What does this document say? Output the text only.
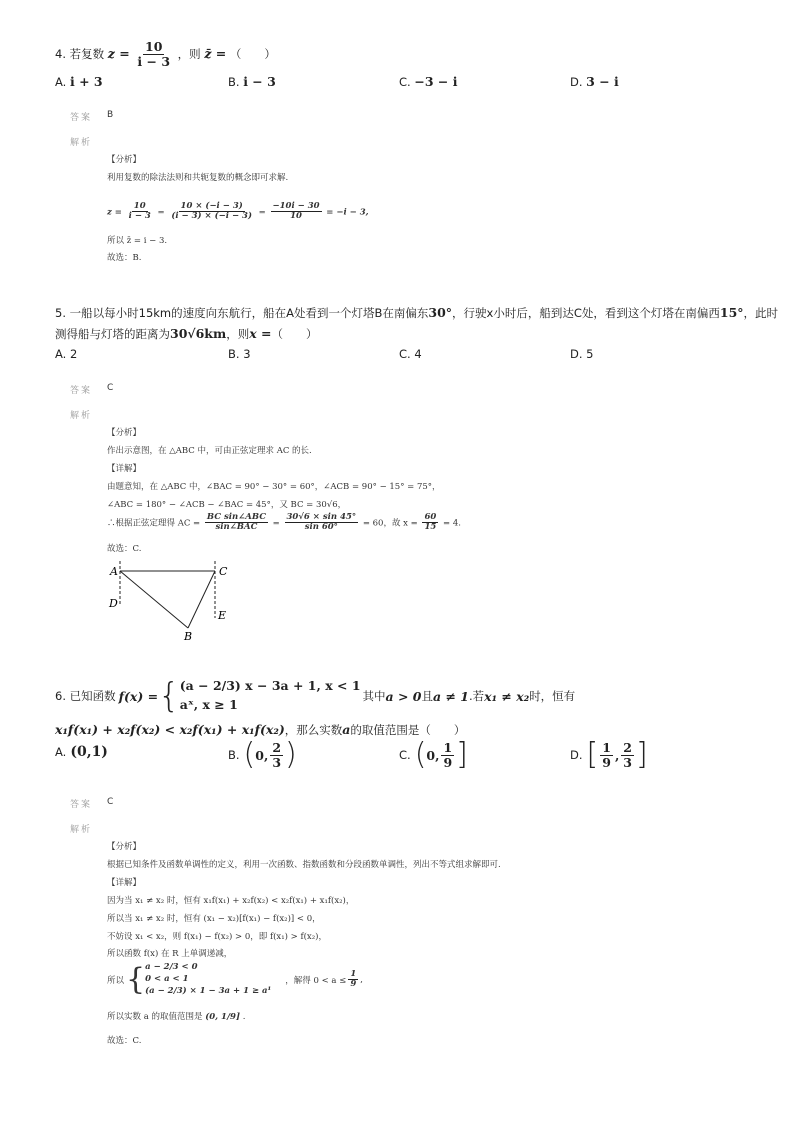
4. 若复数 $z = \frac{10}{i - 3}$ ，则 z̄ = （　　）
A. i + 3	B. i − 3	C. −3 − i	D. 3 − i
答案 B
解析
【分析】
利用复数的除法法则和共轭复数的概念即可求解.
$z = \frac{10}{i - 3} = \frac{10 \times (-i - 3)}{(i - 3) \times (-i - 3)} = \frac{-10i - 30}{10} = -i - 3$,
所以 z̄ = i − 3.
故选：B.
5. 一船以每小时15km的速度向东航行，船在A处看到一个灯塔B在南偏东30°，行驶x小时后，船到达C处，看到这个灯塔在南偏西15°，此时
测得船与灯塔的距离为30√6km，则x =（　　）
A. 2	B. 3	C. 4	D. 5
答案 C
解析
【分析】
作出示意图，在 △ABC 中，可由正弦定理求 AC 的长.
【详解】
由题意知，在 △ABC 中，∠BAC = 90° − 30° = 60°，∠ACB = 90° − 15° = 75°，
∠ABC = 180° − ∠ACB − ∠BAC = 45°，又 BC = 30√6，
∴根据正弦定理得 AC = $\frac{\text{BC sin∠ABC}}{\text{sin∠BAC}} = \frac{30√6 \times \sin 45^\circ}{\sin 60^\circ} = 60$，故 $x = \frac{60}{15} = 4$.
故选：C.
A	C
D
E
B
6. 已知函数 f(x) = { (a − 2/3) x − 3a + 1, x < 1
aˣ, x ≥ 1
其中 a > 0 且 a ≠ 1 .若 x₁ ≠ x₂ 时，恒有
x₁f(x₁) + x₂f(x₂) < x₂f(x₁) + x₁f(x₂)，那么实数a的取值范围是（　　）
A. (0,1)	B. ( 0, $\frac{2}{3}$ )	C. ( 0, $\frac{1}{9}$ ]	D. [ $\frac{1}{9}$ , $\frac{2}{3}$ ]
答案 C
解析
【分析】
根据已知条件及函数单调性的定义，利用一次函数、指数函数和分段函数单调性，列出不等式组求解即可.
【详解】
因为当 x₁ ≠ x₂ 时，恒有 x₁f(x₁) + x₂f(x₂) < x₂f(x₁) + x₁f(x₂)，
所以当 x₁ ≠ x₂ 时，恒有 (x₁ − x₂)[f(x₁) − f(x₂)] < 0，
不妨设 x₁ < x₂，则 f(x₁) − f(x₂) > 0，即 f(x₁) > f(x₂)，
所以函数 f(x) 在 R 上单调递减，
所以 { a − 2/3 < 0
0 < a < 1
(a − 2/3) × 1 − 3a + 1 ≥ a¹
，解得 $0 < a \le \frac{1}{9}$ ,
所以实数 a 的取值范围是 (0, 1/9] .
故选：C.
